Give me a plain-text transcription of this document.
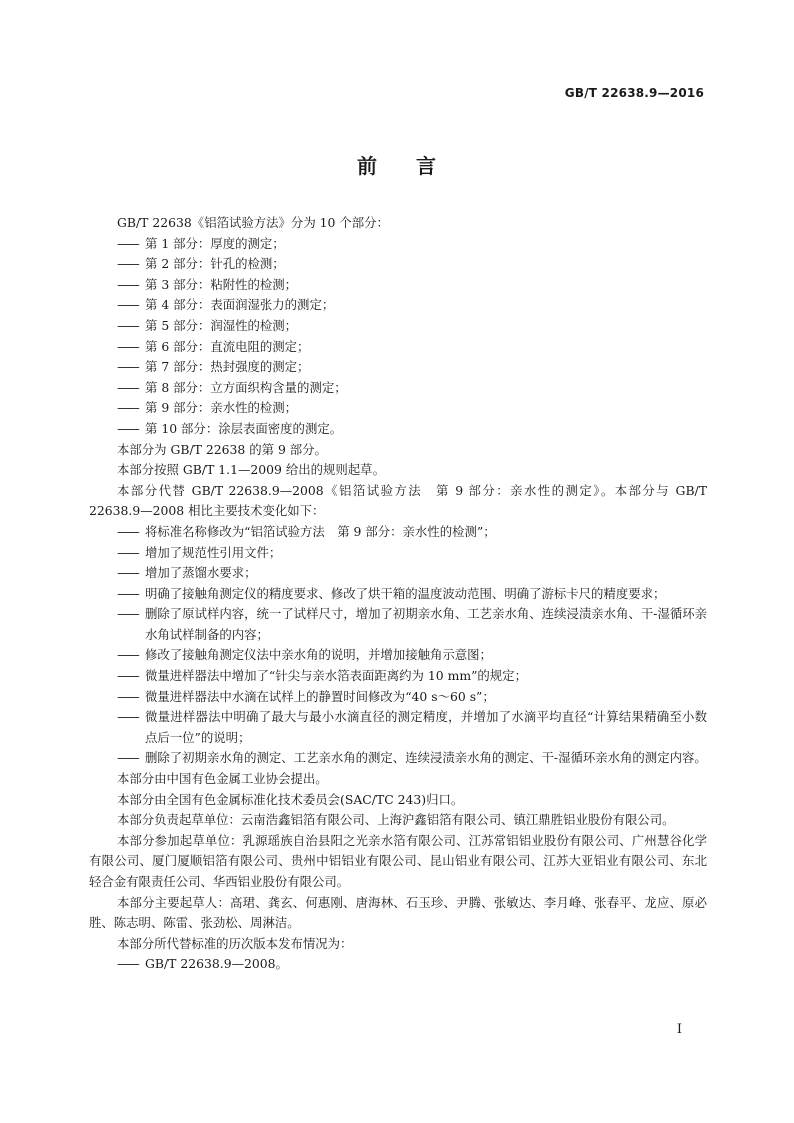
GB/T 22638.9—2016
前 言
GB/T 22638《铝箔试验方法》分为 10 个部分：
—— 第 1 部分：厚度的测定；
—— 第 2 部分：针孔的检测；
—— 第 3 部分：粘附性的检测；
—— 第 4 部分：表面润湿张力的测定；
—— 第 5 部分：润湿性的检测；
—— 第 6 部分：直流电阻的测定；
—— 第 7 部分：热封强度的测定；
—— 第 8 部分：立方面织构含量的测定；
—— 第 9 部分：亲水性的检测；
—— 第 10 部分：涂层表面密度的测定。
本部分为 GB/T 22638 的第 9 部分。
本部分按照 GB/T 1.1—2009 给出的规则起草。
本部分代替 GB/T 22638.9—2008《铝箔试验方法　第 9 部分：亲水性的测定》。本部分与 GB/T 22638.9—2008 相比主要技术变化如下：
—— 将标准名称修改为“铝箔试验方法　第 9 部分：亲水性的检测”；
—— 增加了规范性引用文件；
—— 增加了蒸馏水要求；
—— 明确了接触角测定仪的精度要求、修改了烘干箱的温度波动范围、明确了游标卡尺的精度要求；
—— 删除了原试样内容，统一了试样尺寸，增加了初期亲水角、工艺亲水角、连续浸渍亲水角、干-湿循环亲水角试样制备的内容；
—— 修改了接触角测定仪法中亲水角的说明，并增加接触角示意图；
—— 微量进样器法中增加了“针尖与亲水箔表面距离约为 10 mm”的规定；
—— 微量进样器法中水滴在试样上的静置时间修改为“40 s～60 s”；
—— 微量进样器法中明确了最大与最小水滴直径的测定精度，并增加了水滴平均直径“计算结果精确至小数点后一位”的说明；
—— 删除了初期亲水角的测定、工艺亲水角的测定、连续浸渍亲水角的测定、干-湿循环亲水角的测定内容。
本部分由中国有色金属工业协会提出。
本部分由全国有色金属标准化技术委员会(SAC/TC 243)归口。
本部分负责起草单位：云南浩鑫铝箔有限公司、上海沪鑫铝箔有限公司、镇江鼎胜铝业股份有限公司。
本部分参加起草单位：乳源瑶族自治县阳之光亲水箔有限公司、江苏常铝铝业股份有限公司、广州慧谷化学有限公司、厦门厦顺铝箔有限公司、贵州中铝铝业有限公司、昆山铝业有限公司、江苏大亚铝业有限公司、东北轻合金有限责任公司、华西铝业股份有限公司。
本部分主要起草人：高珺、龚玄、何惠刚、唐海林、石玉珍、尹腾、张敏达、李月峰、张春平、龙应、原必胜、陈志明、陈雷、张劲松、周淋洁。
本部分所代替标准的历次版本发布情况为：
—— GB/T 22638.9—2008。
I
